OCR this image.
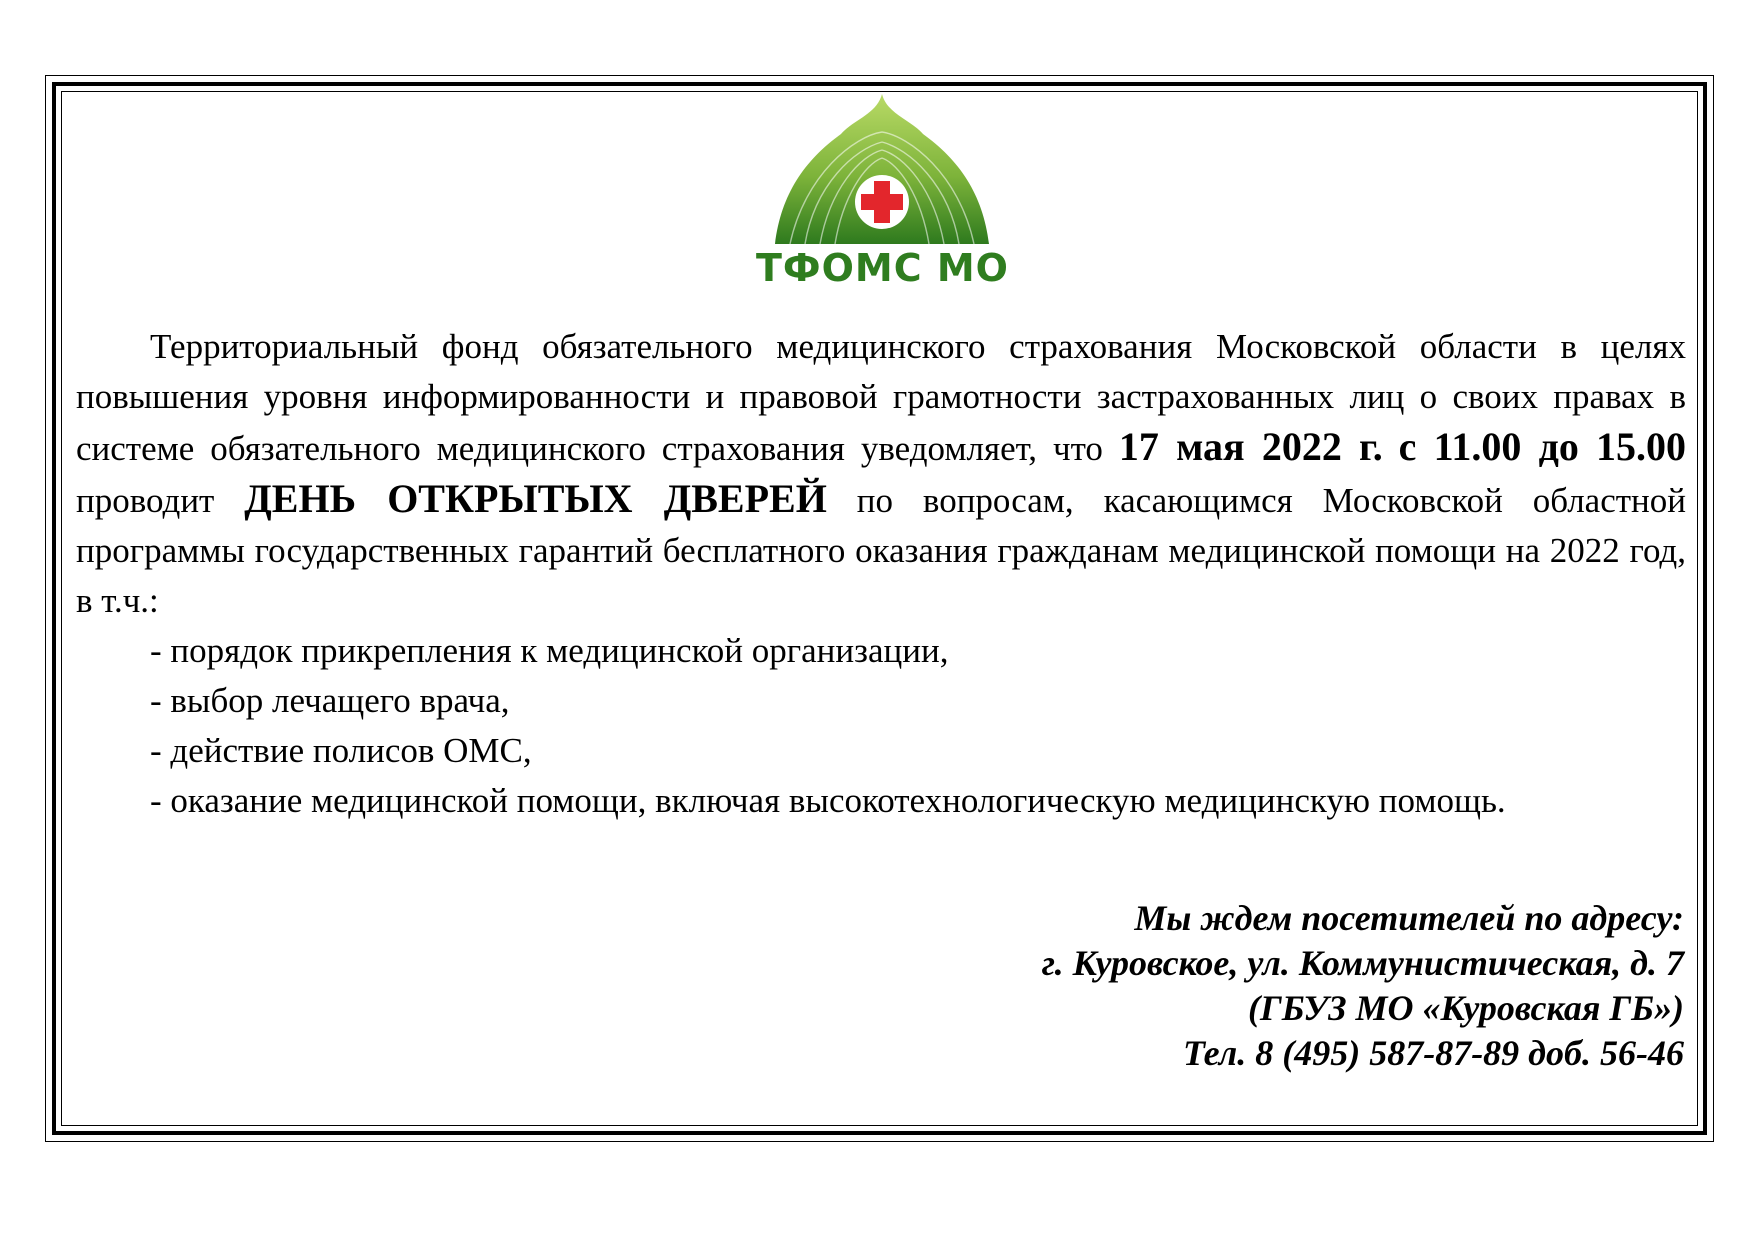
ТФОМС МО

Территориальный фонд обязательного медицинского страхования Московской области в целях повышения уровня информированности и правовой грамотности застрахованных лиц о своих правах в системе обязательного медицинского страхования уведомляет, что 17 мая 2022 г. с 11.00 до 15.00 проводит ДЕНЬ ОТКРЫТЫХ ДВЕРЕЙ по вопросам, касающимся Московской областной программы государственных гарантий бесплатного оказания гражданам медицинской помощи на 2022 год, в т.ч.:

- порядок прикрепления к медицинской организации,
- выбор лечащего врача,
- действие полисов ОМС,
- оказание медицинской помощи, включая высокотехнологическую медицинскую помощь.
Мы ждем посетителей по адресу:
г. Куровское, ул. Коммунистическая, д. 7
(ГБУЗ МО «Куровская ГБ»)
Тел. 8 (495) 587-87-89 доб. 56-46
